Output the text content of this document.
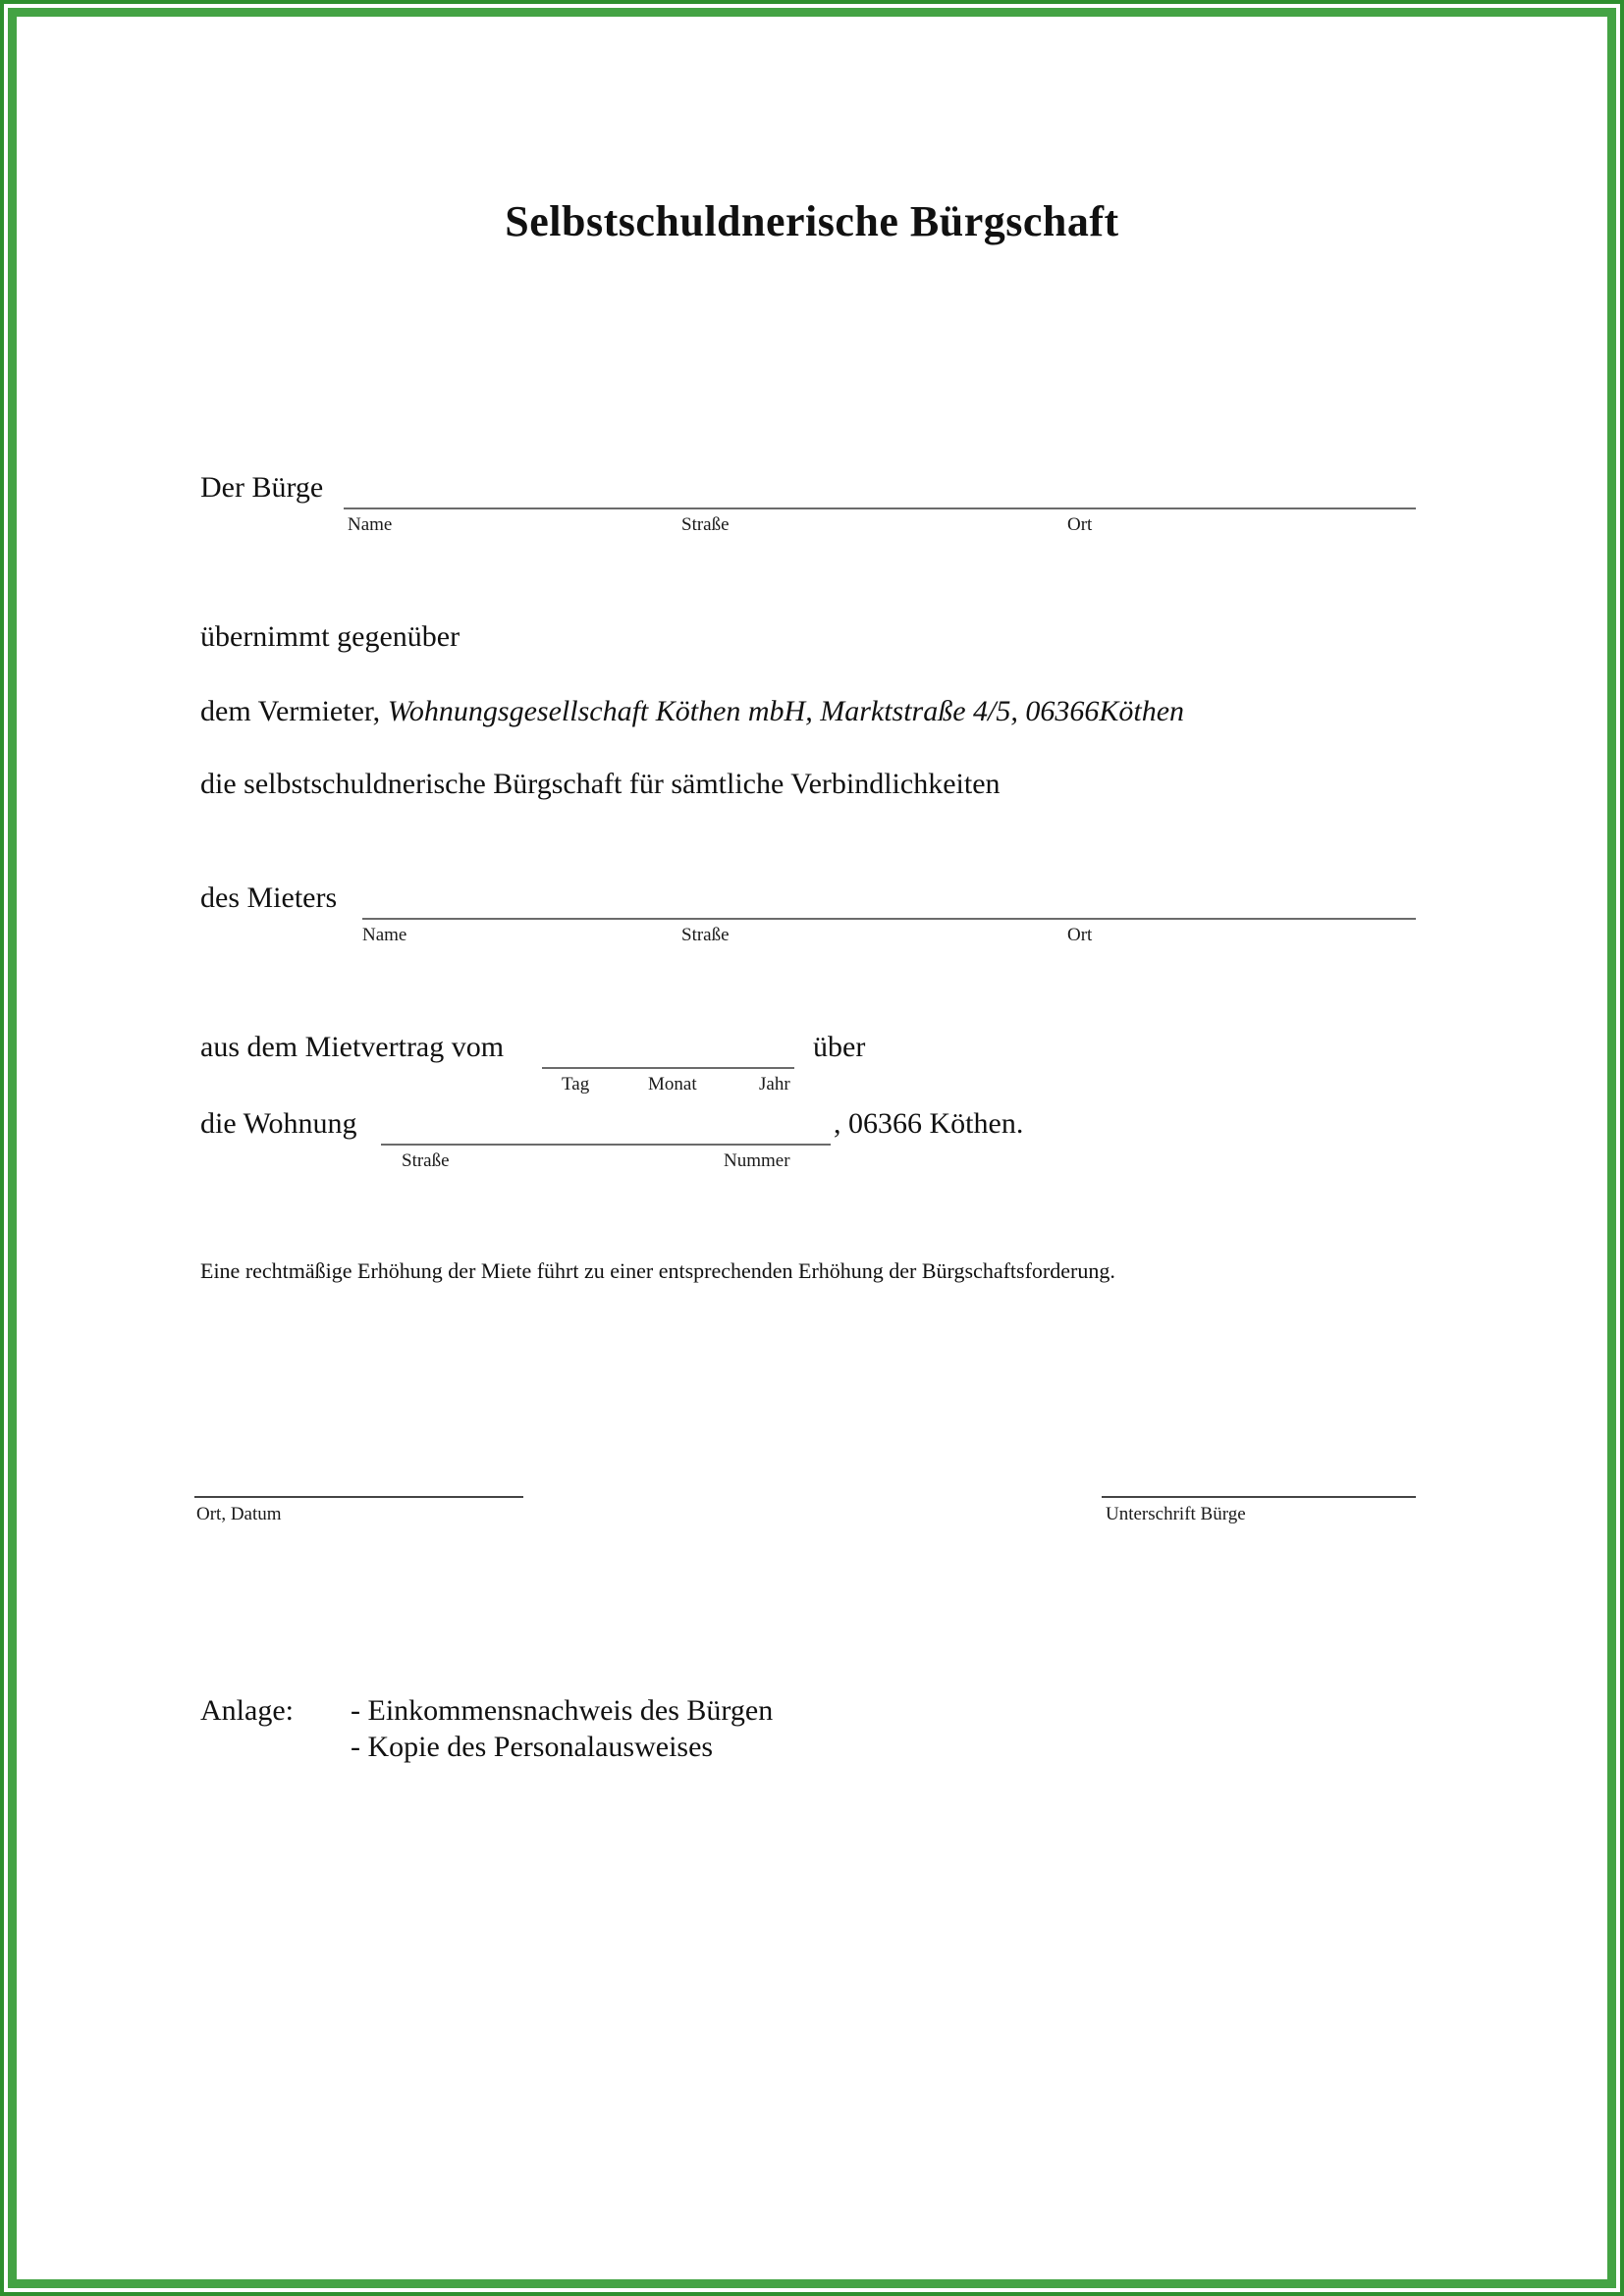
Selbstschuldnerische Bürgschaft
Der Bürge
Name	Straße	Ort
übernimmt gegenüber
dem Vermieter, Wohnungsgesellschaft Köthen mbH, Marktstraße 4/5, 06366Köthen
die selbstschuldnerische Bürgschaft für sämtliche Verbindlichkeiten
des Mieters
Name	Straße	Ort
aus dem Mietvertrag vom	über
Tag	Monat	Jahr
die Wohnung	, 06366 Köthen.
Straße	Nummer
Eine rechtmäßige Erhöhung der Miete führt zu einer entsprechenden Erhöhung der Bürgschaftsforderung.
Ort, Datum	Unterschrift Bürge
Anlage: - Einkommensnachweis des Bürgen
- Kopie des Personalausweises
